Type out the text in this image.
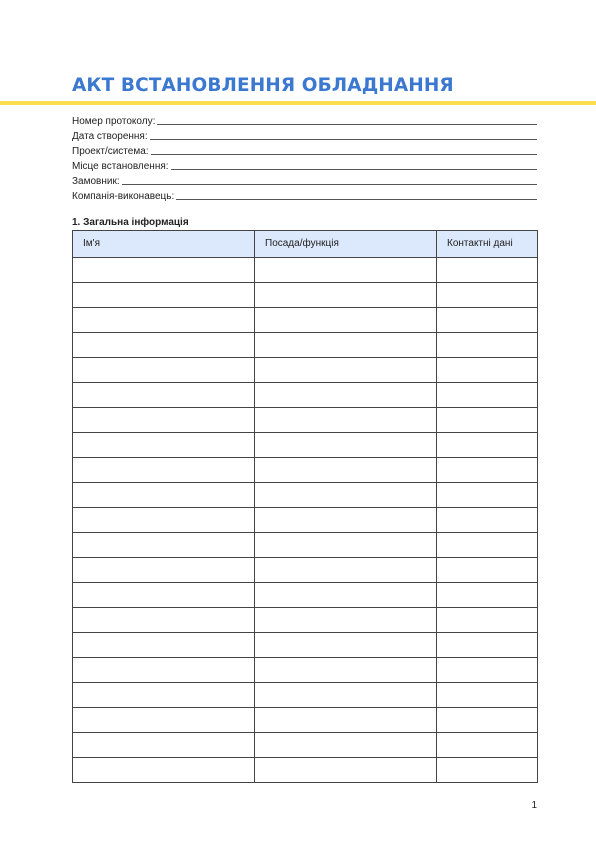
АКТ ВСТАНОВЛЕННЯ ОБЛАДНАННЯ
Номер протоколу:
Дата створення:
Проект/система:
Місце встановлення:
Замовник:
Компанія-виконавець:
1. Загальна інформація
Ім'я	Посада/функція	Контактні дані

1
